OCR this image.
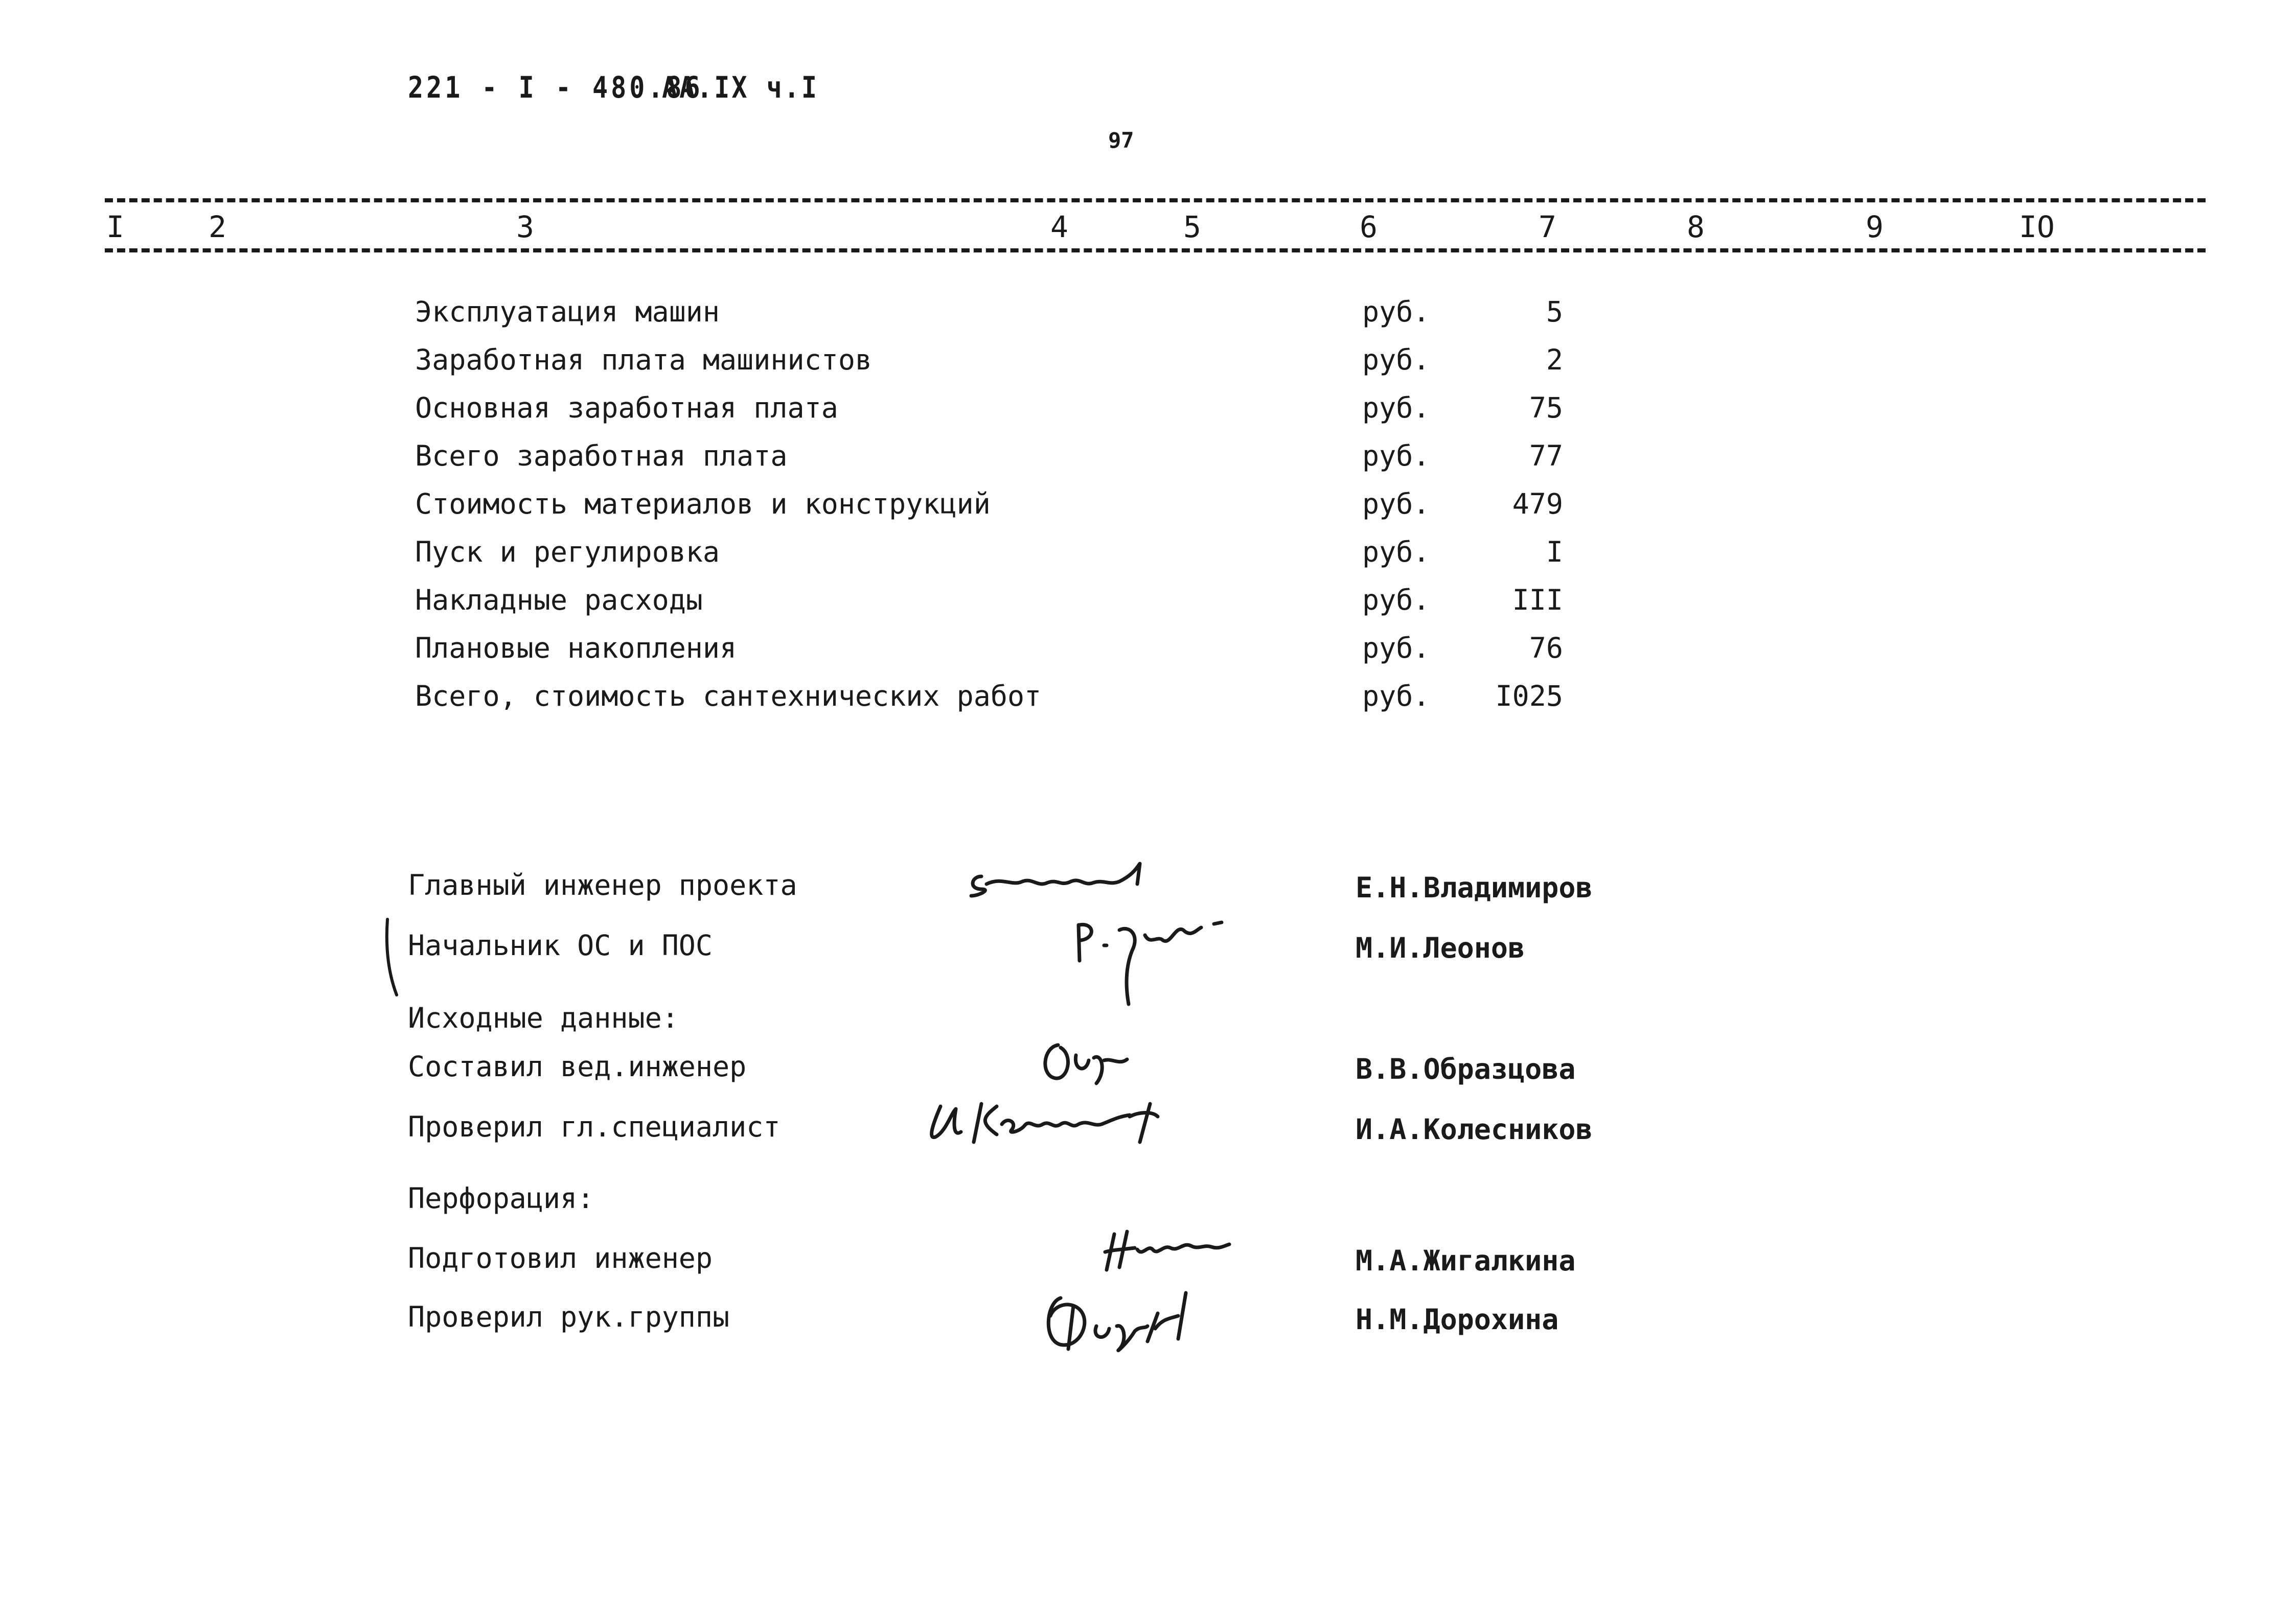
221 - I - 480.86
АА.IX ч.I
97
I	2	3	4	5	6	7	8	9	IO
Эксплуатация машин	руб.	5
Заработная плата машинистов	руб.	2
Основная заработная плата	руб.	75
Всего заработная плата	руб.	77
Стоимость материалов и конструкций	руб.	479
Пуск и регулировка	руб.	I
Накладные расходы	руб.	III
Плановые накопления	руб.	76
Всего, стоимость сантехнических работ	руб. I025
Главный инженер проекта	Е.Н.Владимиров
Начальник ОС и ПОС	М.И.Леонов
Исходные данные:
Составил вед.инженер	В.В.Образцова
Проверил гл.специалист	И.А.Колесников
Перфорация:
Подготовил инженер	М.А.Жигалкина
Проверил рук.группы	Н.М.Дорохина
